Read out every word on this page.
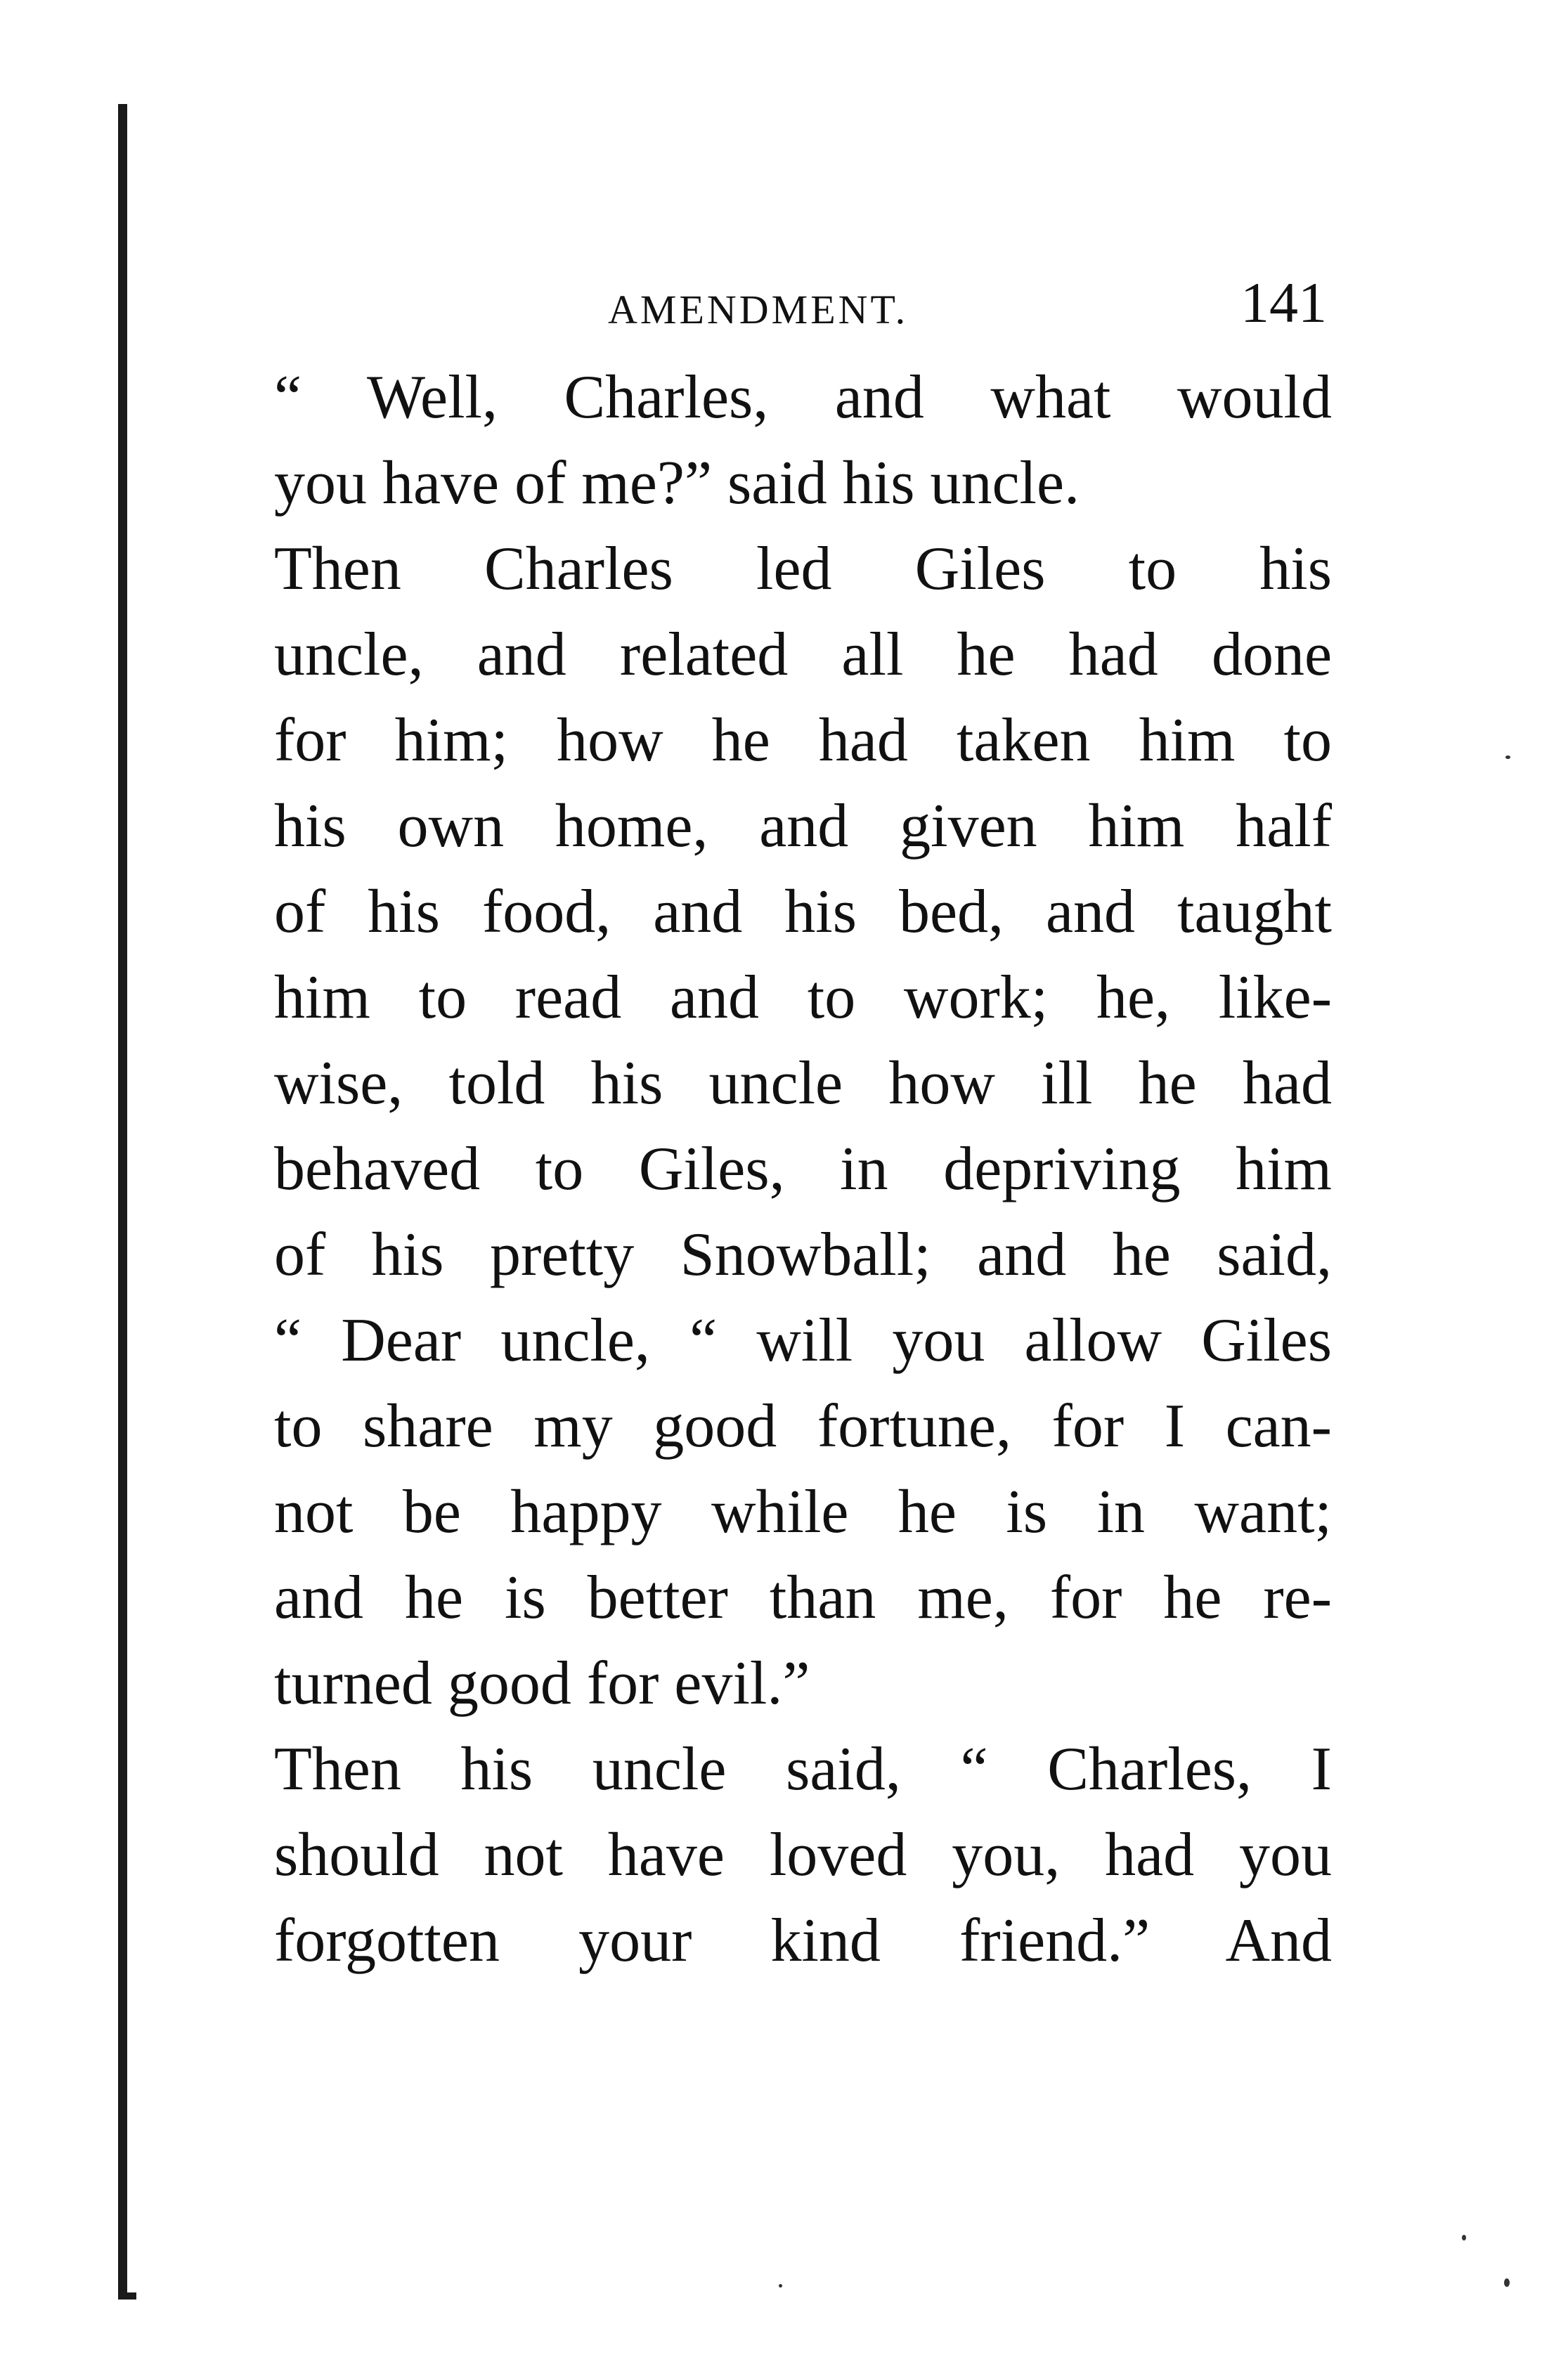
AMENDMENT.	141
“ Well, Charles, and what would
you have of me?” said his uncle.
Then Charles led Giles to his
uncle, and related all he had done
for him; how he had taken him to
his own home, and given him half
of his food, and his bed, and taught
him to read and to work; he, like-
wise, told his uncle how ill he had
behaved to Giles, in depriving him
of his pretty Snowball; and he said,
“ Dear uncle, “ will you allow Giles
to share my good fortune, for I can-
not be happy while he is in want;
and he is better than me, for he re-
turned good for evil.”
Then his uncle said, “ Charles, I
should not have loved you, had you
forgotten your kind friend.” And
